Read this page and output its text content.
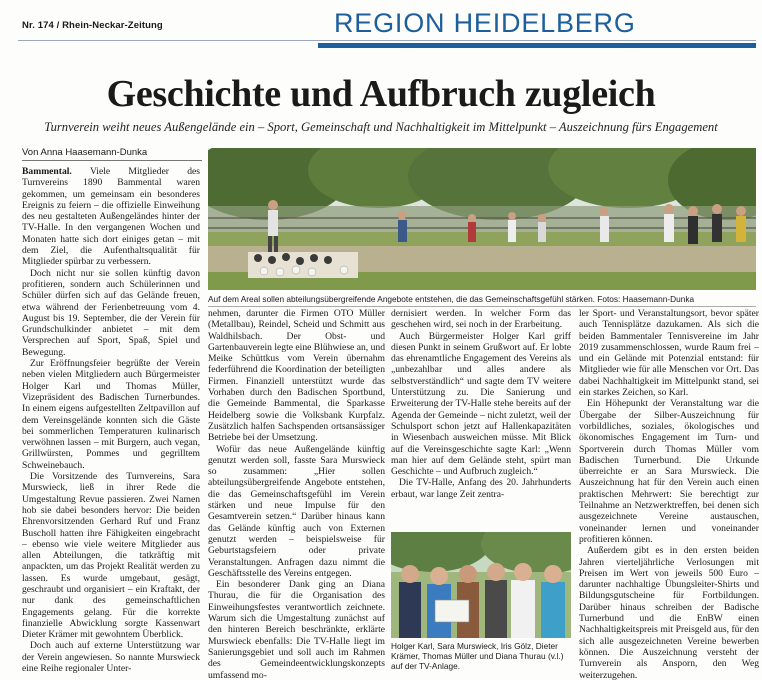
Nr. 174 / Rhein-Neckar-Zeitung	REGION HEIDELBERG
Geschichte und Aufbruch zugleich
Turnverein weiht neues Außengelände ein – Sport, Gemeinschaft und Nachhaltigkeit im Mittelpunkt – Auszeichnung fürs Engagement
Von Anna Haasemann-Dunka
Auf dem Areal sollen abteilungsübergreifende Angebote entstehen, die das Gemeinschaftsgefühl stärken. Fotos: Haasemann-Dunka

Bammental. Viele Mitglieder des Turnvereins 1890 Bammental waren gekommen, um gemeinsam ein besonderes Ereignis zu feiern – die offizielle Einweihung des neu gestalteten Außengeländes hinter der TV-Halle. In den vergangenen Wochen und Monaten hatte sich dort einiges getan – mit dem Ziel, die Aufenthaltsqualität für Mitglieder spürbar zu verbessern.

Doch nicht nur sie sollen künftig davon profitieren, sondern auch Schülerinnen und Schüler dürfen sich auf das Gelände freuen, etwa während der Ferienbetreuung vom 4. August bis 19. September, die der Verein für Grundschulkinder anbietet – mit dem Versprechen auf Sport, Spaß, Spiel und Bewegung.

Zur Eröffnungsfeier begrüßte der Verein neben vielen Mitgliedern auch Bürgermeister Holger Karl und Thomas Müller, Vizepräsident des Badischen Turnerbundes. In einem eigens aufgestellten Zeltpavillon auf dem Vereinsgelände konnten sich die Gäste bei sommerlichen Temperaturen kulinarisch verwöhnen lassen – mit Burgern, auch vegan, Grillwürsten, Pommes und gegrilltem Schweinebauch.

Die Vorsitzende des Turnvereins, Sara Murswieck, ließ in ihrer Rede die Umgestaltung Revue passieren. Zwei Namen hob sie dabei besonders hervor: Die beiden Ehrenvorsitzenden Gerhard Ruf und Franz Buscholl hatten ihre Fähigkeiten eingebracht – ebenso wie viele weitere Mitglieder aus allen Abteilungen, die tatkräftig mit anpackten, um das Projekt Realität werden zu lassen. Es wurde umgebaut, gesägt, geschraubt und organisiert – ein Kraftakt, der nur dank des gemeinschaftlichen Engagements gelang. Für die korrekte finanzielle Abwicklung sorgte Kassenwart Dieter Krämer mit gewohntem Überblick.

Doch auch auf externe Unterstützung war der Verein angewiesen. So nannte Murswieck eine Reihe regionaler Unter-

nehmen, darunter die Firmen OTO Müller (Metallbau), Reindel, Scheid und Schmitt aus Waldhilsbach. Der Obst- und Gartenbauverein legte eine Blühwiese an, und Meike Schüttkus vom Verein übernahm federführend die Koordination der beteiligten Firmen. Finanziell unterstützt wurde das Vorhaben durch den Badischen Sportbund, die Gemeinde Bammental, die Sparkasse Heidelberg sowie die Volksbank Kurpfalz. Zusätzlich halfen Sachspenden ortsansässiger Betriebe bei der Umsetzung.

Wofür das neue Außengelände künftig genutzt werden soll, fasste Sara Murswieck so zusammen: „Hier sollen abteilungsübergreifende Angebote entstehen, die das Gemeinschaftsgefühl im Verein stärken und neue Impulse für den Gesamtverein setzen.“ Darüber hinaus kann das Gelände künftig auch von Externen genutzt werden – beispielsweise für Geburtstagsfeiern oder private Veranstaltungen. Anfragen dazu nimmt die Geschäftsstelle des Vereins entgegen.

Ein besonderer Dank ging an Diana Thurau, die für die Organisation des Einweihungsfestes verantwortlich zeichnete. Warum sich die Umgestaltung zunächst auf den hinteren Bereich beschränkte, erklärte Murswieck ebenfalls: Die TV-Halle liegt im Sanierungsgebiet und soll auch im Rahmen des Gemeindeentwicklungskonzepts umfassend mo-

dernisiert werden. In welcher Form das geschehen wird, sei noch in der Erarbeitung.

Auch Bürgermeister Holger Karl griff diesen Punkt in seinem Grußwort auf. Er lobte das ehrenamtliche Engagement des Vereins als „unbezahlbar und alles andere als selbstverständlich“ und sagte dem TV weitere Unterstützung zu. Die Sanierung und Erweiterung der TV-Halle stehe bereits auf der Agenda der Gemeinde – nicht zuletzt, weil der Schulsport schon jetzt auf Hallenkapazitäten in Wiesenbach ausweichen müsse. Mit Blick auf die Vereinsgeschichte sagte Karl: „Wenn man hier auf dem Gelände steht, spürt man Geschichte – und Aufbruch zugleich.“

Die TV-Halle, Anfang des 20. Jahrhunderts erbaut, war lange Zeit zentra-

Holger Karl, Sara Murswieck, Iris Gölz, Dieter Krämer, Thomas Müller und Diana Thurau (v.l.) auf der TV-Anlage.

ler Sport- und Veranstaltungsort, bevor später auch Tennisplätze dazukamen. Als sich die beiden Bammentaler Tennisvereine im Jahr 2019 zusammenschlossen, wurde Raum frei – und ein Gelände mit Potenzial entstand: für Mitglieder wie für alle Menschen vor Ort. Das dabei Nachhaltigkeit im Mittelpunkt stand, sei ein starkes Zeichen, so Karl.

Ein Höhepunkt der Veranstaltung war die Übergabe der Silber-Auszeichnung für vorbildliches, soziales, ökologisches und ökonomisches Engagement im Turn- und Sportverein durch Thomas Müller vom Badischen Turnerbund. Die Urkunde überreichte er an Sara Murswieck. Die Auszeichnung hat für den Verein auch einen praktischen Mehrwert: Sie berechtigt zur Teilnahme an Netzwerktreffen, bei denen sich ausgezeichnete Vereine austauschen, voneinander lernen und voneinander profitieren können.

Außerdem gibt es in den ersten beiden Jahren vierteljährliche Verlosungen mit Preisen im Wert von jeweils 500 Euro – darunter nachhaltige Übungsleiter-Shirts und Bildungsgutscheine für Fortbildungen. Darüber hinaus schreiben der Badische Turnerbund und die EnBW einen Nachhaltigkeitspreis mit Preisgeld aus, für den sich alle ausgezeichneten Vereine bewerben können. Die Auszeichnung versteht der Turnverein als Ansporn, den Weg weiterzugehen.
